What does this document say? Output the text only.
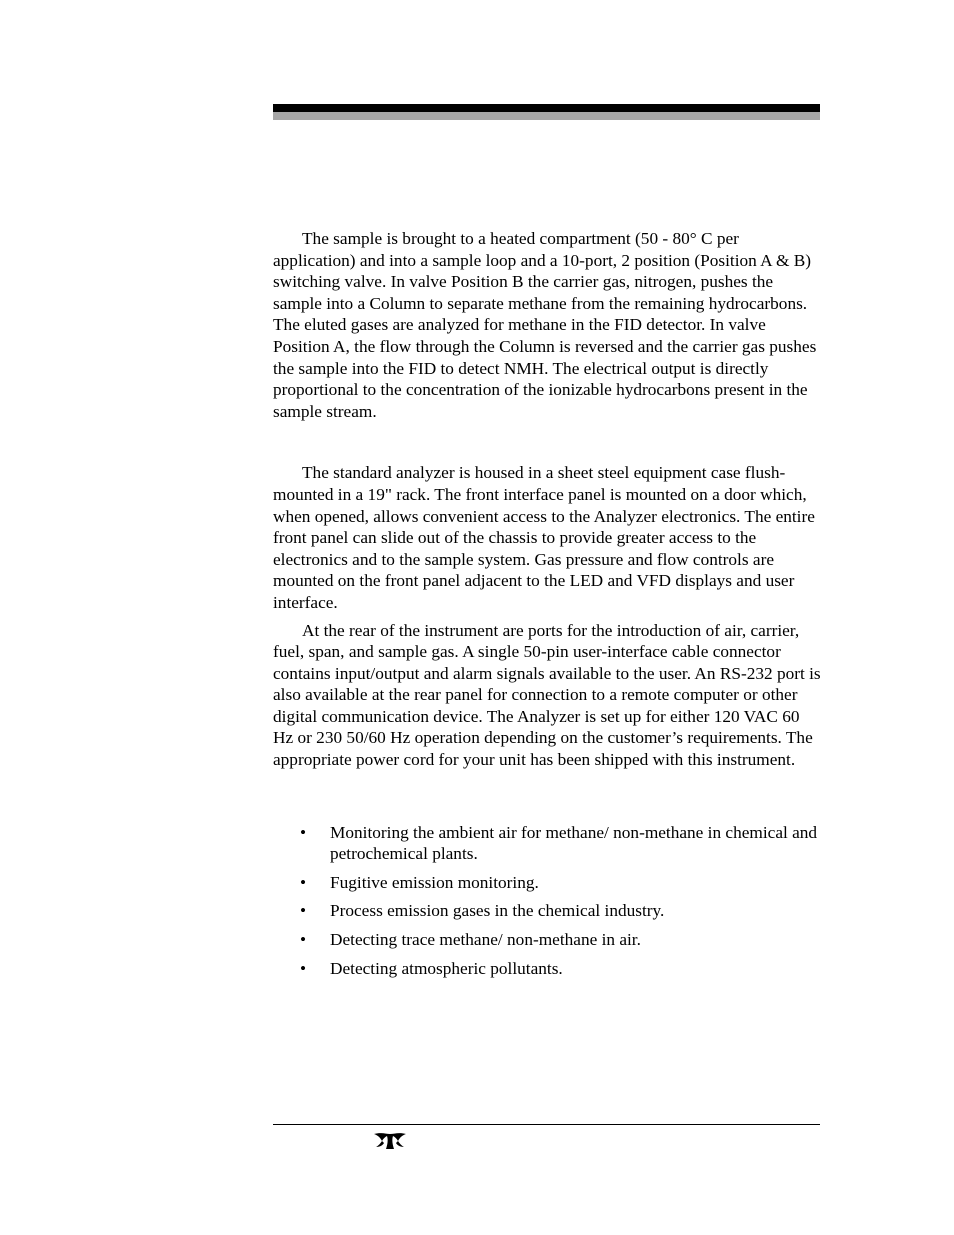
The sample is brought to a heated compartment (50 - 80° C per application) and into a sample loop and a 10-port, 2 position (Position A & B) switching valve. In valve Position B the carrier gas, nitrogen, pushes the sample into a Column to separate methane from the remaining hydrocarbons. The eluted gases are analyzed for methane in the FID detector. In valve Position A, the flow through the Column is reversed and the carrier gas pushes the sample into the FID to detect NMH. The electrical output is directly proportional to the concentration of the ionizable hydrocarbons present in the sample stream.

The standard analyzer is housed in a sheet steel equipment case flush-mounted in a 19" rack. The front interface panel is mounted on a door which, when opened, allows convenient access to the Analyzer electronics. The entire front panel can slide out of the chassis to provide greater access to the electronics and to the sample system. Gas pressure and flow controls are mounted on the front panel adjacent to the LED and VFD displays and user interface.

At the rear of the instrument are ports for the introduction of air, carrier, fuel, span, and sample gas. A single 50-pin user-interface cable connector contains input/output and alarm signals available to the user. An RS-232 port is also available at the rear panel for connection to a remote computer or other digital communication device. The Analyzer is set up for either 120 VAC 60 Hz or 230 50/60 Hz operation depending on the customer’s requirements. The appropriate power cord for your unit has been shipped with this instrument.

• Monitoring the ambient air for methane/ non-methane in chemical and petrochemical plants.
• Fugitive emission monitoring.
• Process emission gases in the chemical industry.
• Detecting trace methane/ non-methane in air.
• Detecting atmospheric pollutants.
